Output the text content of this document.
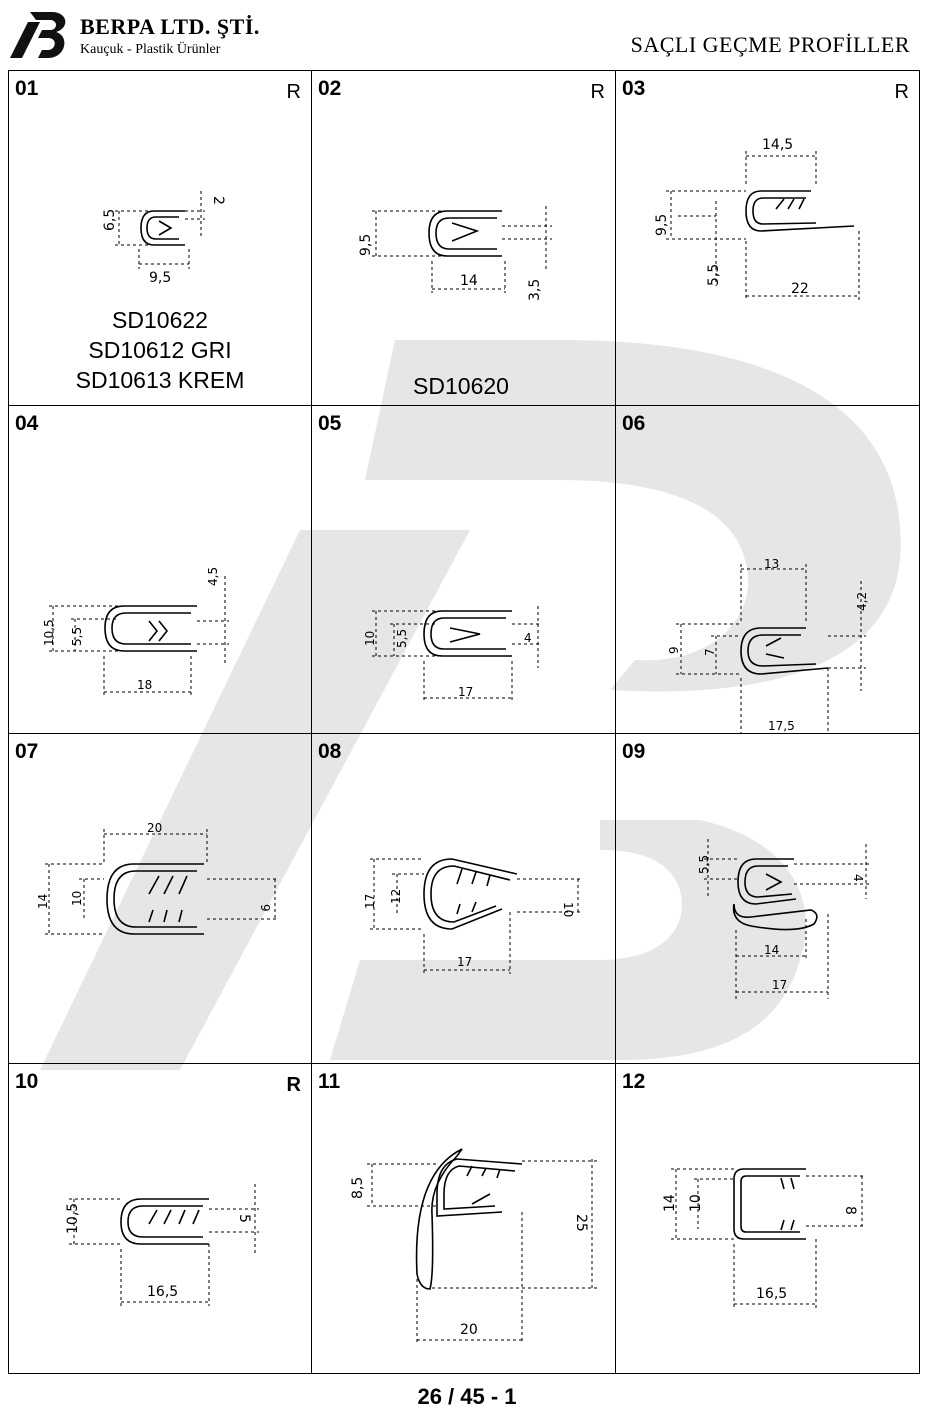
BERPA LTD. ŞTİ.
Kauçuk - Plastik Ürünler	SAÇLI GEÇME PROFİLLER
01	R
6,5
9,5
2
SD10622
SD10612 GRI
SD10613 KREM
02	R
9,5
14	3,5
SD10620
03	R
14,5
9,5
5,5
22
04
10,5 5,5
18
4,5
05
10 5,5	4
17
06
13
4,2
9 7
17,5
07
20
14 10
9
08
17 12
10
17
09
5,5
4
14
17
10	R
10,5	5
16,5
11
8,5
25
20
12
14 10	8
16,5
26 / 45 - 1
